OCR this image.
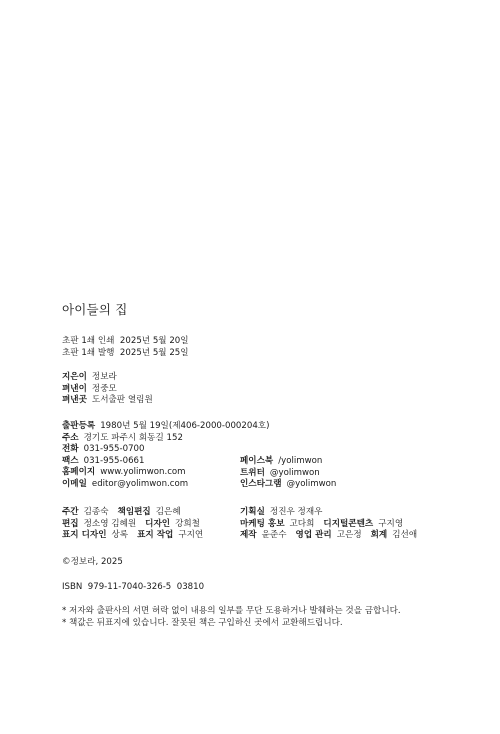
아이들의 집
초판 1쇄 인쇄
2025년 5월 20일
초판 1쇄 발행
2025년 5월 25일
지은이 정보라
펴낸이 정중모
펴낸곳 도서출판 열림원
출판등록 1980년 5월 19일(제406-2000-000204호)
주소 경기도 파주시 회동길 152
전화 031-955-0700
팩스 031-955-0661
홈페이지 www.yolimwon.com
이메일 editor@yolimwon.com
페이스북 /yolimwon
트위터 @yolimwon
인스타그램 @yolimwon
주간 김종숙 책임편집 김은혜
편집 정소영 김혜원 디자인 강희철
표지 디자인 상록 표지 작업 구지연
기획실 정진우 정재우
마케팅 홍보 고다희 디지털콘텐츠 구지영
제작 윤준수 영업 관리 고은정 회계 김선애
©정보라, 2025
ISBN  979-11-7040-326-5  03810
* 저자와 출판사의 서면 허락 없이 내용의 일부를 무단 도용하거나 발췌하는 것을 금합니다.
* 책값은 뒤표지에 있습니다. 잘못된 책은 구입하신 곳에서 교환해드립니다.
